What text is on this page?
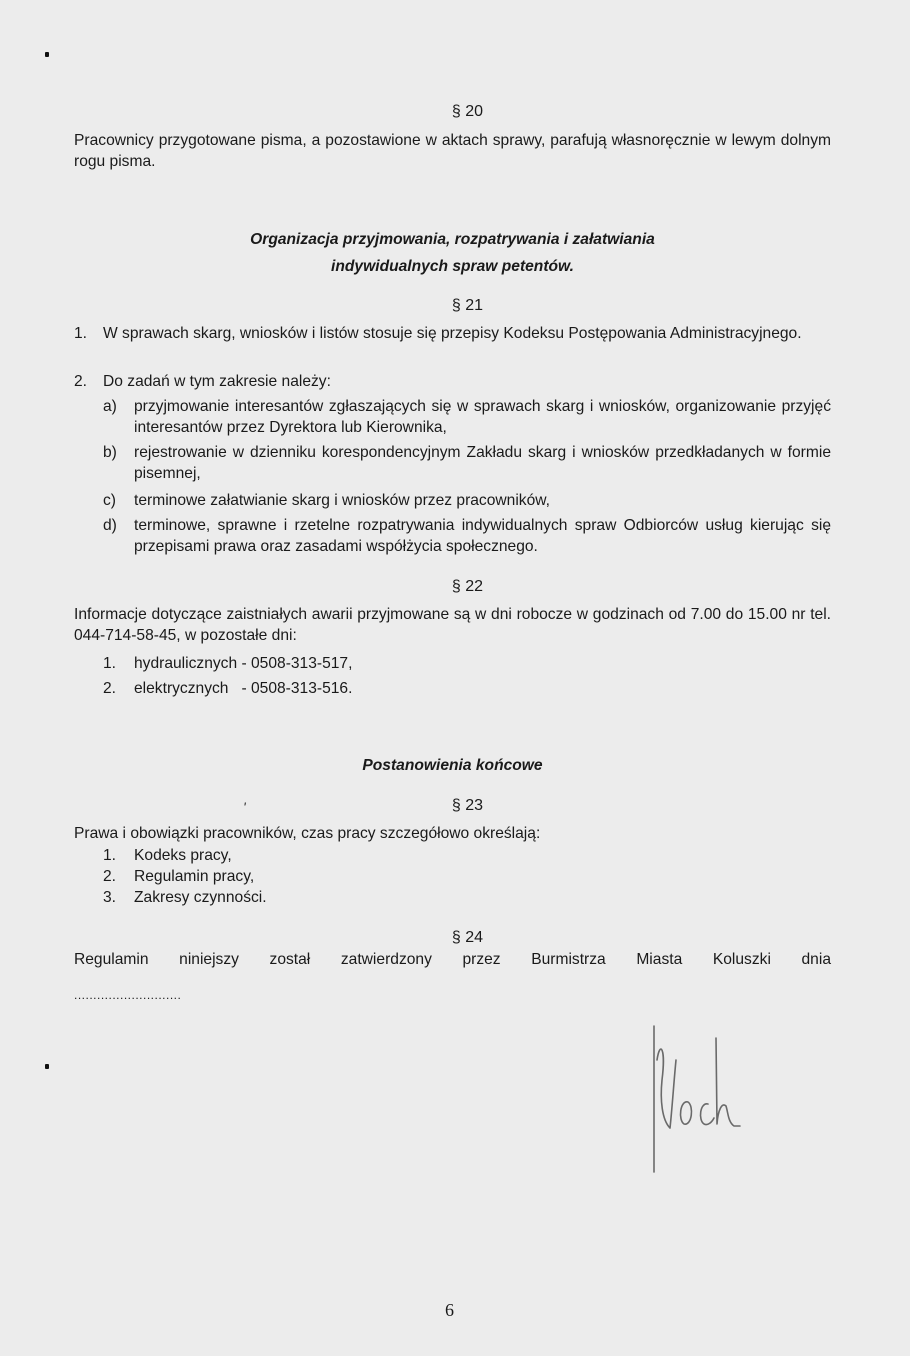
§ 20
Pracownicy przygotowane pisma, a pozostawione w aktach sprawy, parafują własnoręcznie w lewym dolnym rogu pisma.
Organizacja przyjmowania, rozpatrywania i załatwiania
indywidualnych spraw petentów.
§ 21
1. W sprawach skarg, wniosków i listów stosuje się przepisy Kodeksu Postępowania Administracyjnego.
2. Do zadań w tym zakresie należy:
a) przyjmowanie interesantów zgłaszających się w sprawach skarg i wniosków, organizowanie przyjęć interesantów przez Dyrektora lub Kierownika,
b) rejestrowanie w dzienniku korespondencyjnym Zakładu skarg i wniosków przedkładanych w formie pisemnej,
c) terminowe załatwianie skarg i wniosków przez pracowników,
d) terminowe, sprawne i rzetelne rozpatrywania indywidualnych spraw Odbiorców usług kierując się przepisami prawa oraz zasadami współżycia społecznego.
§ 22
Informacje dotyczące zaistniałych awarii przyjmowane są w dni robocze w godzinach od 7.00 do 15.00 nr tel. 044-714-58-45, w pozostałe dni:
1. hydraulicznych - 0508-313-517,
2. elektrycznych   - 0508-313-516.
Postanowienia końcowe
'	§ 23
Prawa i obowiązki pracowników, czas pracy szczegółowo określają:
1. Kodeks pracy,
2. Regulamin pracy,
3. Zakresy czynności.
§ 24
Regulamin niniejszy został zatwierdzony przez Burmistrza Miasta Koluszki dnia
............................
6
